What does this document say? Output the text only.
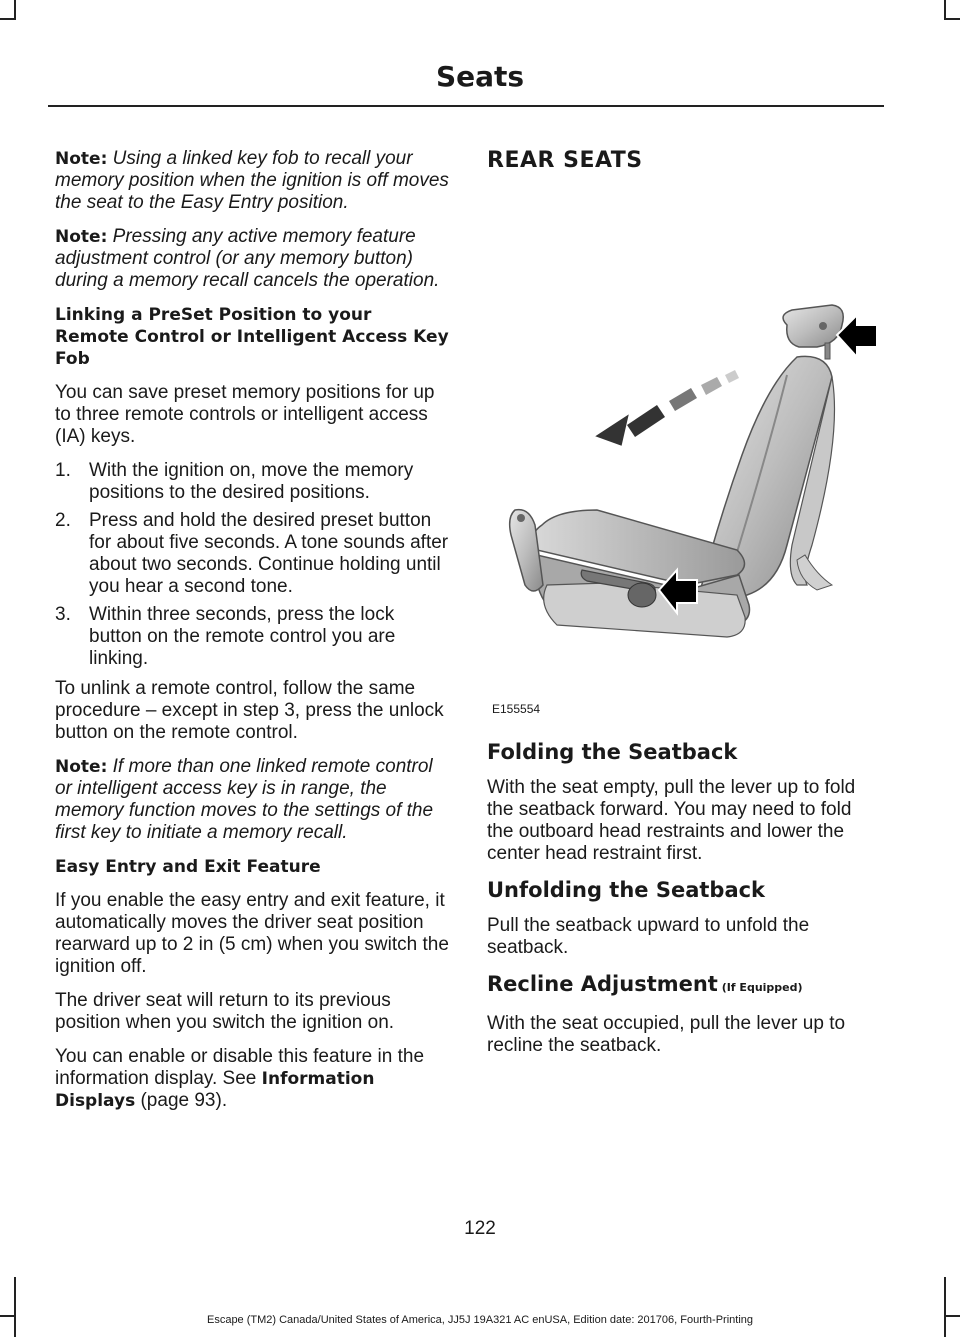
Seats

Note: Using a linked key fob to recall your memory position when the ignition is off moves the seat to the Easy Entry position.

Note: Pressing any active memory feature adjustment control (or any memory button) during a memory recall cancels the operation.

Linking a PreSet Position to your Remote Control or Intelligent Access Key Fob

You can save preset memory positions for up to three remote controls or intelligent access (IA) keys.

1. With the ignition on, move the memory positions to the desired positions.
2. Press and hold the desired preset button for about five seconds. A tone sounds after about two seconds. Continue holding until you hear a second tone.
3. Within three seconds, press the lock button on the remote control you are linking.

To unlink a remote control, follow the same procedure – except in step 3, press the unlock button on the remote control.

Note: If more than one linked remote control or intelligent access key is in range, the memory function moves to the settings of the first key to initiate a memory recall.

Easy Entry and Exit Feature

If you enable the easy entry and exit feature, it automatically moves the driver seat position rearward up to 2 in (5 cm) when you switch the ignition off.

The driver seat will return to its previous position when you switch the ignition on.

You can enable or disable this feature in the information display. See Information Displays (page 93).

REAR SEATS
E155554
Folding the Seatback

With the seat empty, pull the lever up to fold the seatback forward. You may need to fold the outboard head restraints and lower the center head restraint first.

Unfolding the Seatback

Pull the seatback upward to unfold the seatback.

Recline Adjustment (If Equipped)

With the seat occupied, pull the lever up to recline the seatback.

122
Escape (TM2) Canada/United States of America, JJ5J 19A321 AC enUSA, Edition date: 201706, Fourth-Printing
